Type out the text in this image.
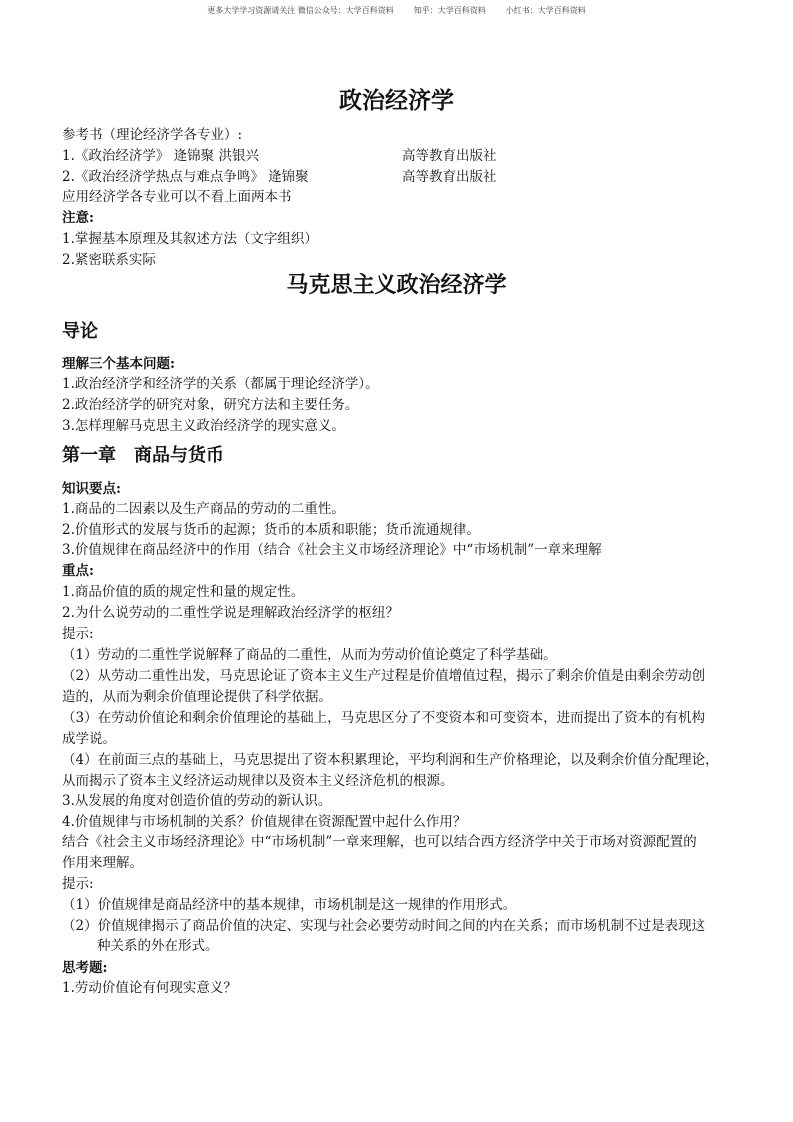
更多大学学习资源请关注 微信公众号：大学百科资料	知乎：大学百科资料	小红书：大学百科资料
政治经济学
参考书（理论经济学各专业）:
1.《政治经济学》 逄锦聚 洪银兴	高等教育出版社
2.《政治经济学热点与难点争鸣》 逄锦聚	高等教育出版社
应用经济学各专业可以不看上面两本书
注意:
1.掌握基本原理及其叙述方法（文字组织）
2.紧密联系实际
马克思主义政治经济学
导论
理解三个基本问题:
1.政治经济学和经济学的关系（都属于理论经济学）。
2.政治经济学的研究对象，研究方法和主要任务。
3.怎样理解马克思主义政治经济学的现实意义。
第一章　商品与货币
知识要点:
1.商品的二因素以及生产商品的劳动的二重性。
2.价值形式的发展与货币的起源；货币的本质和职能；货币流通规律。
3.价值规律在商品经济中的作用（结合《社会主义市场经济理论》中“市场机制”一章来理解
重点:
1.商品价值的质的规定性和量的规定性。
2.为什么说劳动的二重性学说是理解政治经济学的枢纽？
提示:
（1）劳动的二重性学说解释了商品的二重性，从而为劳动价值论奠定了科学基础。
（2）从劳动二重性出发，马克思论证了资本主义生产过程是价值增值过程，揭示了剩余价值是由剩余劳动创
造的，从而为剩余价值理论提供了科学依据。
（3）在劳动价值论和剩余价值理论的基础上，马克思区分了不变资本和可变资本，进而提出了资本的有机构
成学说。
（4）在前面三点的基础上，马克思提出了资本积累理论，平均利润和生产价格理论，以及剩余价值分配理论，
从而揭示了资本主义经济运动规律以及资本主义经济危机的根源。
3.从发展的角度对创造价值的劳动的新认识。
4.价值规律与市场机制的关系？价值规律在资源配置中起什么作用？
结合《社会主义市场经济理论》中“市场机制”一章来理解，也可以结合西方经济学中关于市场对资源配置的
作用来理解。
提示:
（1）价值规律是商品经济中的基本规律，市场机制是这一规律的作用形式。
（2）价值规律揭示了商品价值的决定、实现与社会必要劳动时间之间的内在关系；而市场机制不过是表现这
种关系的外在形式。
思考题:
1.劳动价值论有何现实意义？
